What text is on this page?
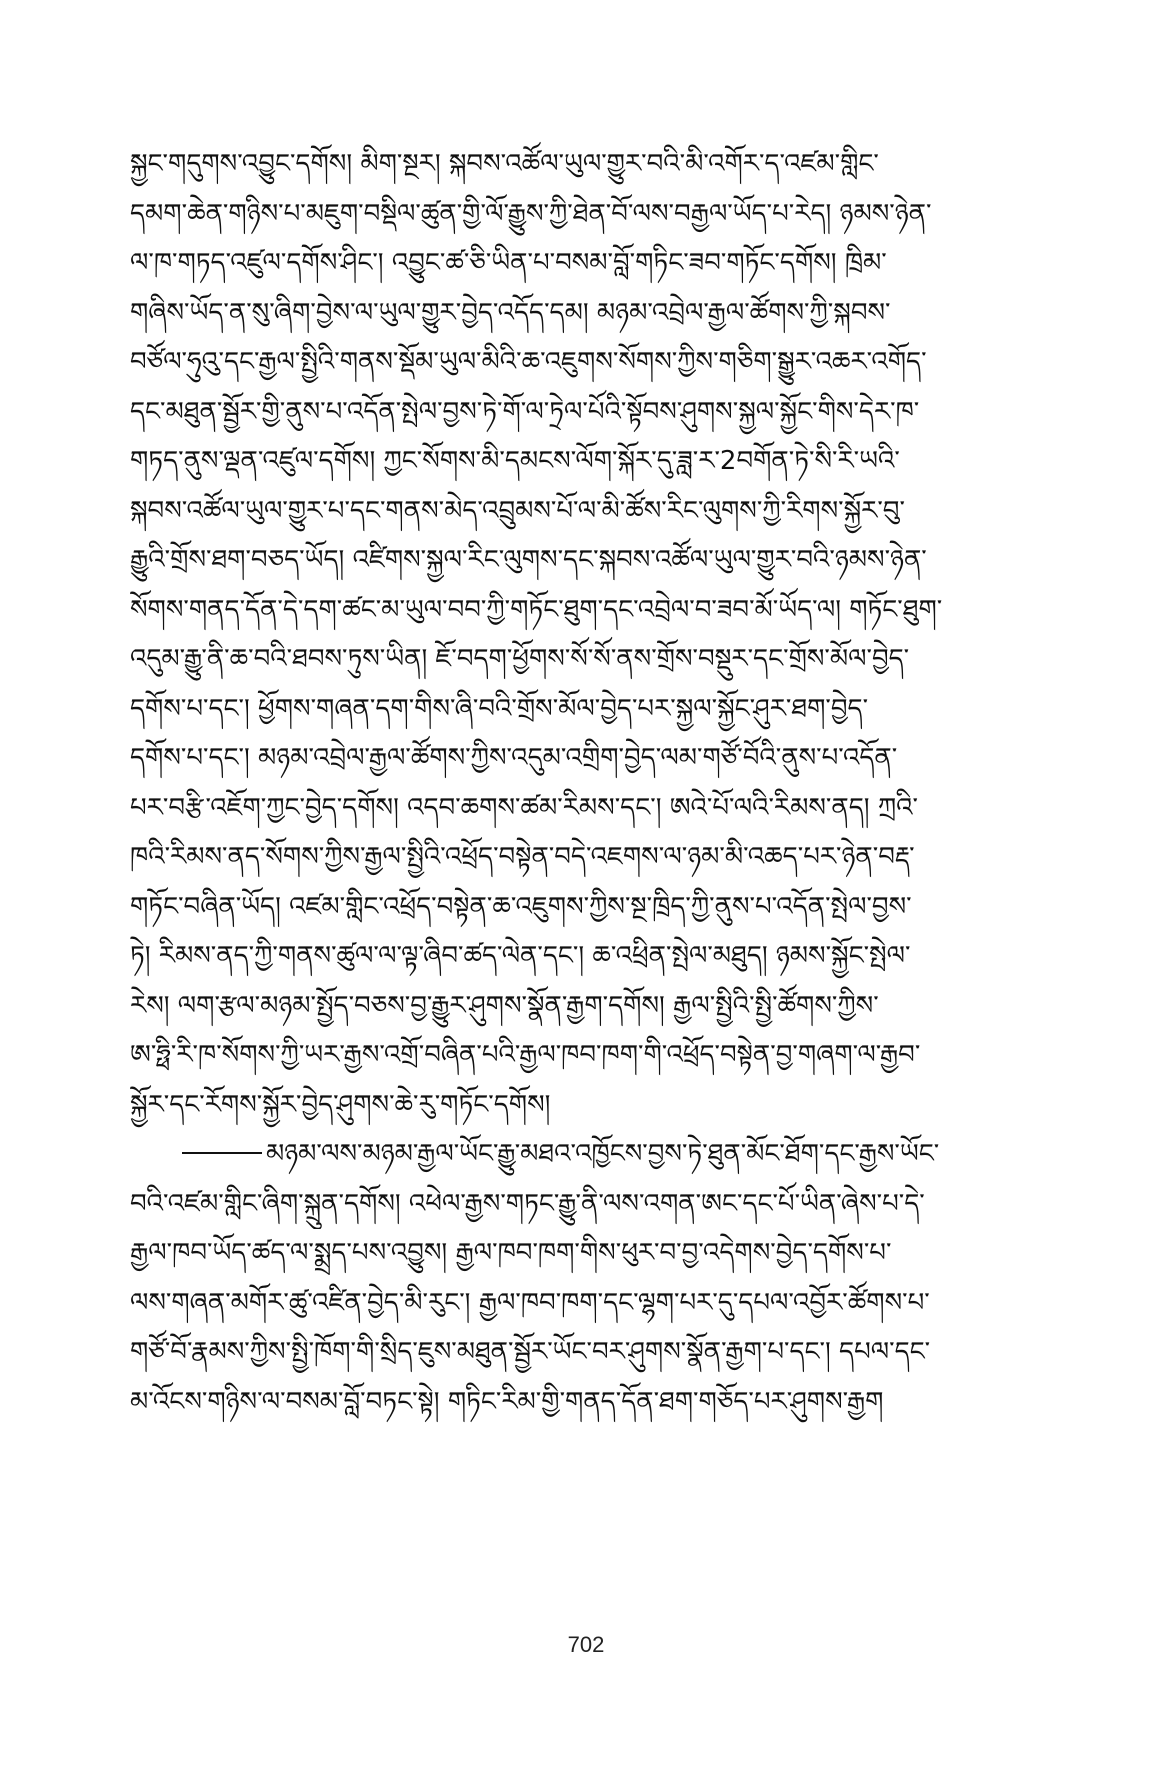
སྐྱང་གདུགས་འབྱུང་དགོས། མིག་སྔར། སྐབས་འཚོལ་ཡུལ་གྱུར་བའི་མི་འགོར་ད་འཛམ་གླིང་
དམག་ཆེན་གཉིས་པ་མཇུག་བསྡིལ་ཚུན་གྱི་ལོ་རྒྱུས་ཀྱི་ཐེན་བོ་ལས་བརྒྱལ་ཡོད་པ་རེད། ཉམས་ཉེན་
ལ་ཁ་གཏད་འཛུལ་དགོས་ཤིང་། འབྱུང་ཚ་ཅི་ཡིན་པ་བསམ་བློ་གཏིང་ཟབ་གཏོང་དགོས། ཁྲིམ་
གཞིས་ཡོད་ན་སུ་ཞིག་བྱེས་ལ་ཡུལ་གྱུར་བྱེད་འདོད་དམ། མཉམ་འབྲེལ་རྒྱལ་ཚོགས་ཀྱི་སྐབས་
བཙོལ་ཧུའུ་དང་རྒྱལ་སྤྱིའི་གནས་སྡོམ་ཡུལ་མིའི་ཆ་འཇུགས་སོགས་ཀྱིས་གཅིག་སྒྱུར་འཆར་འགོད་
དང་མཐུན་སྦྱོར་གྱི་ནུས་པ་འདོན་སྤེལ་བྱས་ཏེ་གོ་ལ་ཏྲེལ་པོའི་སྟོབས་ཤུགས་སྐྱལ་སྐྱོང་གིས་དེར་ཁ་
གཏད་ནུས་ལྡན་འཛུལ་དགོས། ཀྱང་སོགས་མི་དམངས་ལོག་སྐོར་དུ་ཟླ་ར་2བགོན་ཏེ་སི་རི་ཡའི་
སྐབས་འཚོལ་ཡུལ་གྱུར་པ་དང་གནས་མེད་འབྲུམས་པོ་ལ་མི་ཚོས་རིང་ལུགས་ཀྱི་རིགས་སྐྱོར་བུ་
རྒྱུའི་གྲོས་ཐག་བཅད་ཡོད། འཛིགས་སྐྱལ་རིང་ལུགས་དང་སྐབས་འཚོལ་ཡུལ་གྱུར་བའི་ཉམས་ཉེན་
སོགས་གནད་དོན་དེ་དག་ཚང་མ་ཡུལ་བབ་ཀྱི་གཏོང་ཐུག་དང་འབྲེལ་བ་ཟབ་མོ་ཡོད་ལ། གཏོང་ཐུག་
འདུམ་རྒྱུ་ནི་ཆ་བའི་ཐབས་ཏུས་ཡིན། ཇོ་བདག་ཕྱོགས་སོ་སོ་ནས་གྲོས་བསྡུར་དང་གྲོས་མོལ་བྱེད་
དགོས་པ་དང་། ཕྱོགས་གཞན་དག་གིས་ཞི་བའི་གྲོས་མོལ་བྱེད་པར་སྐྱལ་སྐྱོང་ཤུར་ཐག་བྱེད་
དགོས་པ་དང་། མཉམ་འབྲེལ་རྒྱལ་ཚོགས་ཀྱིས་འདུམ་འགྲིག་བྱེད་ལམ་གཙོ་བོའི་ནུས་པ་འདོན་
པར་བརྩི་འཇོག་ཀྱང་བྱེད་དགོས། འདབ་ཆགས་ཚམ་རིམས་དང་། ཨའེ་པོ་ལའི་རིམས་ནད། ཀྲའི་
ཁའི་རིམས་ནད་སོགས་ཀྱིས་རྒྱལ་སྤྱིའི་འཕྲོད་བསྟེན་བདེ་འཇགས་ལ་ཉམ་མི་འཆད་པར་ཉེན་བརྡ་
གཏོང་བཞིན་ཡོད། འཛམ་གླིང་འཕྲོད་བསྟེན་ཆ་འཇུགས་ཀྱིས་སྔ་ཁྲིད་ཀྱི་ནུས་པ་འདོན་སྤེལ་བྱས་
ཏེ། རིམས་ནད་ཀྱི་གནས་ཚུལ་ལ་ལྟ་ཞིབ་ཚད་ལེན་དང་། ཆ་འཕྲིན་སྤེལ་མཐུད། ཉམས་སྐྱོང་སྤེལ་
རེས། ལག་རྩལ་མཉམ་སྤྱོད་བཅས་བྱ་རྒྱུར་ཤུགས་སྣོན་རྒྱག་དགོས། རྒྱལ་སྤྱིའི་སྤྱི་ཚོགས་ཀྱིས་
ཨ་ཧྥི་རི་ཁ་སོགས་ཀྱི་ཡར་རྒྱས་འགྲོ་བཞིན་པའི་རྒྱལ་ཁབ་ཁག་གི་འཕྲོད་བསྟེན་བྱ་གཞག་ལ་རྒྱབ་
སྐྱོར་དང་རོགས་སྐྱོར་བྱེད་ཤུགས་ཆེ་རུ་གཏོང་དགོས།
མཉམ་ལས་མཉམ་རྒྱལ་ཡོང་རྒྱུ་མཐའ་འཁྱོངས་བྱས་ཏེ་ཐུན་མོང་ཐོག་དང་རྒྱས་ཡོང་
བའི་འཛམ་གླིང་ཞིག་སྐྲུན་དགོས། འཕེལ་རྒྱས་གཏང་རྒྱུ་ནི་ལས་འགན་ཨང་དང་པོ་ཡིན་ཞེས་པ་དེ་
རྒྱལ་ཁབ་ཡོད་ཚད་ལ་སྨྲད་པས་འབྱུས། རྒྱལ་ཁབ་ཁག་གིས་ཕུར་བ་བྱ་འདེགས་བྱེད་དགོས་པ་
ལས་གཞན་མགོར་ཚུ་འཛིན་བྱེད་མི་རུང་། རྒྱལ་ཁབ་ཁག་དང་ལྷག་པར་དུ་དཔལ་འབྱོར་ཚོགས་པ་
གཙོ་བོ་རྣམས་ཀྱིས་སྤྱི་ཁོག་གི་སྲིད་ཇུས་མཐུན་སྦྱོར་ཡོང་བར་ཤུགས་སྣོན་རྒྱག་པ་དང་། དཔལ་དང་
མ་འོངས་གཉིས་ལ་བསམ་བློ་བཏང་སྟེ། གཏིང་རིམ་གྱི་གནད་དོན་ཐག་གཅོད་པར་ཤུགས་རྒྱག
702
